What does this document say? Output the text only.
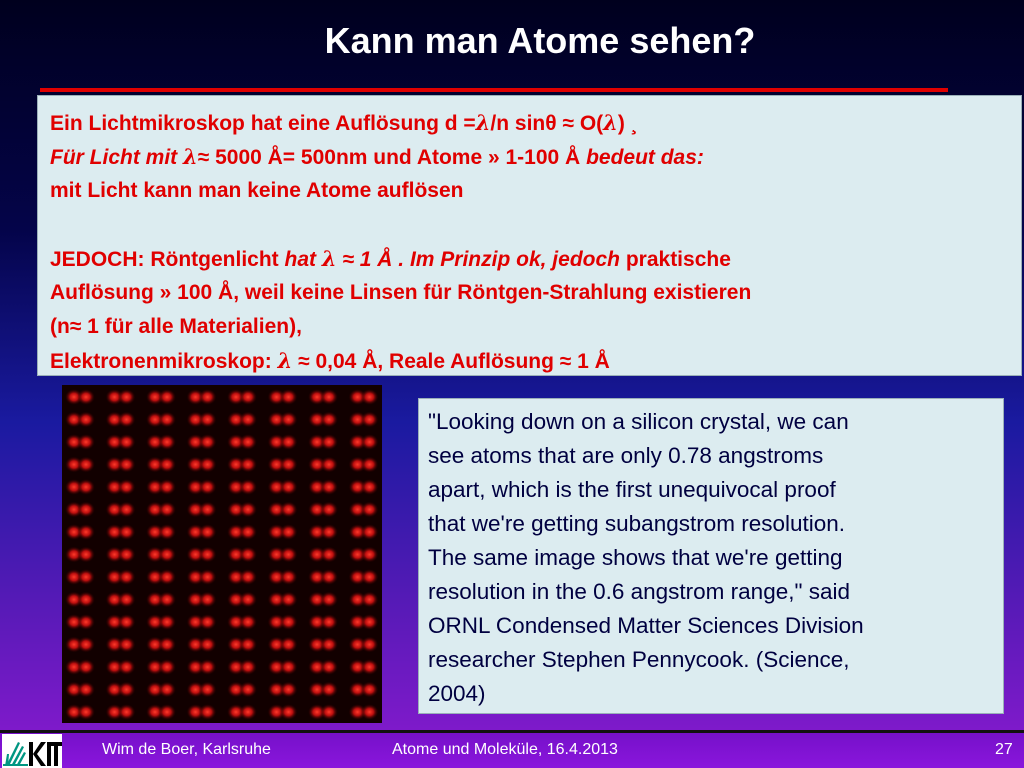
Kann man Atome sehen?
Ein Lichtmikroskop hat eine Auflösung d =λ/n sinθ ≈ O(λ) ¸
Für Licht mit λ≈ 5000 Å= 500nm und Atome » 1-100 Å bedeut das:
mit Licht kann man keine Atome auflösen
JEDOCH: Röntgenlicht hat λ ≈ 1 Å . Im Prinzip ok, jedoch praktische
Auflösung » 100 Å, weil keine Linsen für Röntgen-Strahlung existieren
(n≈ 1 für alle Materialien),
Elektronenmikroskop: λ ≈ 0,04 Å, Reale Auflösung ≈ 1 Å
"Looking down on a silicon crystal, we can
see atoms that are only 0.78 angstroms
apart, which is the first unequivocal proof
that we're getting subangstrom resolution.
The same image shows that we're getting
resolution in the 0.6 angstrom range," said
ORNL Condensed Matter Sciences Division
researcher Stephen Pennycook. (Science,
2004)
Wim de Boer, Karlsruhe	Atome und Moleküle, 16.4.2013	27
